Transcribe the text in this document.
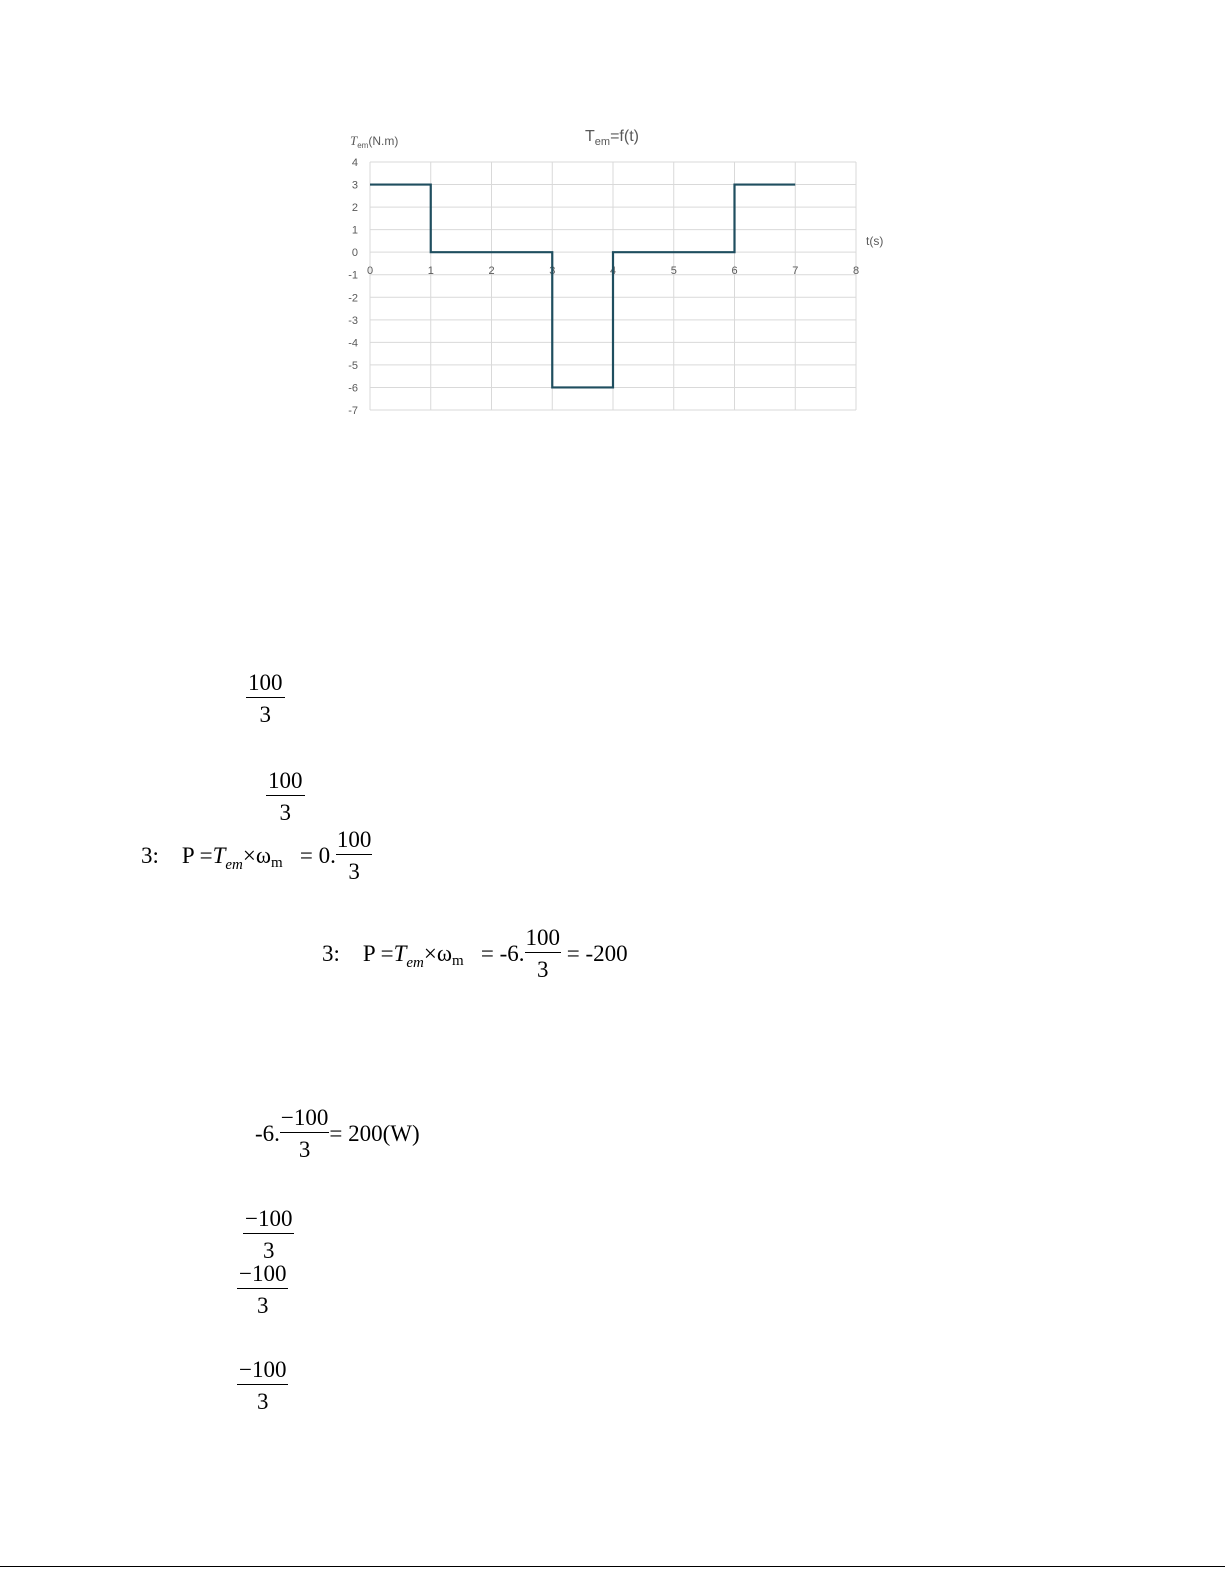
4
3
2
1
0
-1
-2
-3
-4
-5
-6
-7
0	1	2	3	4	5	6	7	8
$T_{em}=f(t)$
$T_{em}(N.m)$
t(s)
$\frac{100}{3}$
$\frac{100}{3}$
3: $P =T_{em}\times\omega m = 0$. $\frac{100}{3}$
3: $P =T_{em}\times\omega m = -6$. $\frac{100}{3} = -200$
-6. $\frac{-100}{3} = 200(W)$
$\frac{-100}{3}$
$\frac{-100}{3}$
$\frac{-100}{3}$
